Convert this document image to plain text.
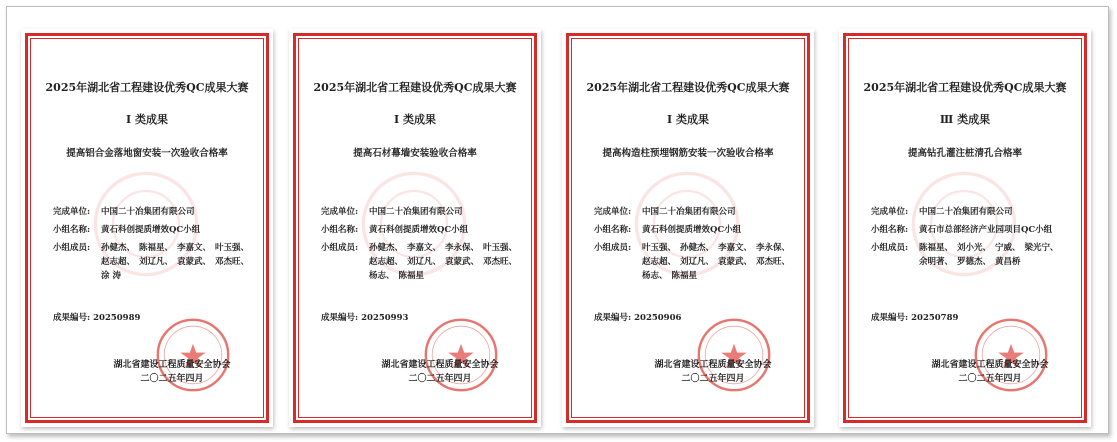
2025年湖北省工程建设优秀QC成果大赛
Ⅰ 类成果
提高铝合金落地窗安装一次验收合格率
完成单位:	中国二十冶集团有限公司
小组名称:	黄石科创提质增效QC小组
小组成员:	孙健杰、 陈福星、 李嘉文、 叶玉强、赵志超、 刘辽凡、 袁蒙武、 邓杰旺、涂 涛
成果编号: 20250989
湖北省建设工程质量安全协会
二〇二五年四月
2025年湖北省工程建设优秀QC成果大赛
Ⅰ 类成果
提高石材幕墙安装验收合格率
完成单位:	中国二十冶集团有限公司
小组名称:	黄石科创提质增效QC小组
小组成员:	孙健杰、 李嘉文、 李永保、 叶玉强、赵志超、 刘辽凡、 袁蒙武、 邓杰旺、杨志、 陈福星
成果编号: 20250993
湖北省建设工程质量安全协会
二〇二五年四月
2025年湖北省工程建设优秀QC成果大赛
Ⅰ 类成果
提高构造柱预埋钢筋安装一次验收合格率
完成单位:	中国二十冶集团有限公司
小组名称:	黄石科创提质增效QC小组
小组成员:	叶玉强、 孙健杰、 李嘉文、 李永保、赵志超、 刘辽凡、 袁蒙武、 邓杰旺、杨志、 陈福星
成果编号: 20250906
湖北省建设工程质量安全协会
二〇二五年四月
2025年湖北省工程建设优秀QC成果大赛
Ⅲ 类成果
提高钻孔灌注桩清孔合格率
完成单位:	中国二十冶集团有限公司
小组名称:	黄石市总部经济产业园项目QC小组
小组成员:	陈福星、 刘小光、 宁威、 梁光宁、余明著、 罗德杰、 黄昌桥
成果编号: 20250789
湖北省建设工程质量安全协会
二〇二五年四月
